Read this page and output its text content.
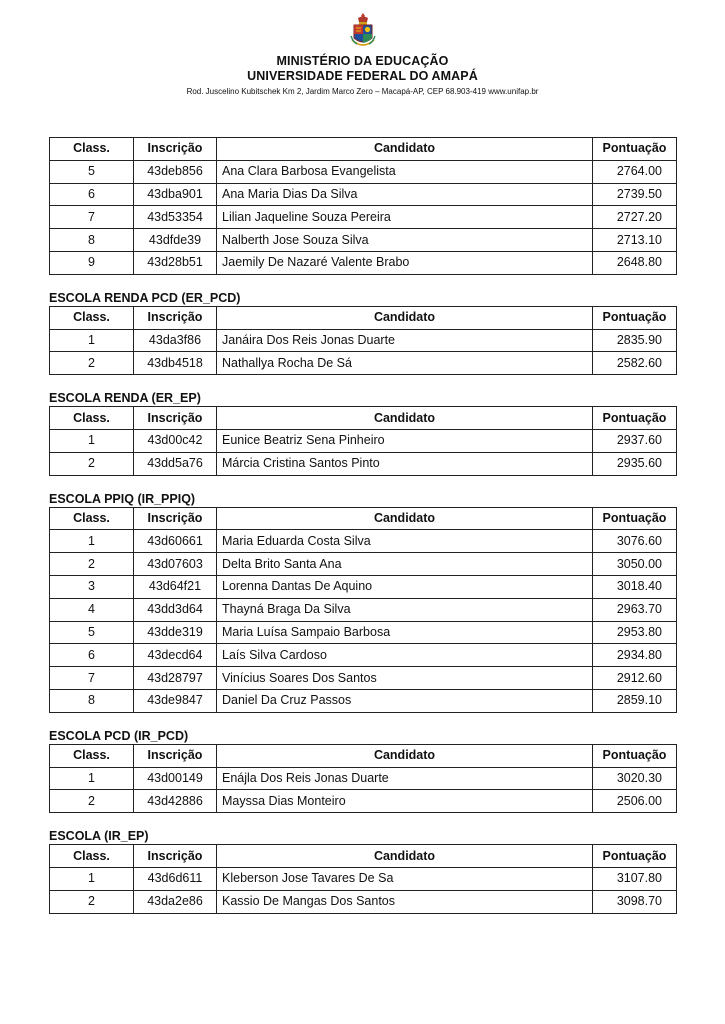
MINISTÉRIO DA EDUCAÇÃO
UNIVERSIDADE FEDERAL DO AMAPÁ
Rod. Juscelino Kubitschek Km 2, Jardim Marco Zero – Macapá-AP, CEP 68.903-419 www.unifap.br
Class.	Inscrição	Candidato	Pontuação
5	43deb856	Ana Clara Barbosa Evangelista	2764.00
6	43dba901	Ana Maria Dias Da Silva	2739.50
7	43d53354	Lilian Jaqueline Souza Pereira	2727.20
8	43dfde39	Nalberth Jose Souza Silva	2713.10
9	43d28b51	Jaemily De Nazaré Valente Brabo	2648.80
ESCOLA RENDA PCD (ER_PCD)
Class.	Inscrição	Candidato	Pontuação
1	43da3f86	Janáira Dos Reis Jonas Duarte	2835.90
2	43db4518	Nathallya Rocha De Sá	2582.60
ESCOLA RENDA (ER_EP)
Class.	Inscrição	Candidato	Pontuação
1	43d00c42	Eunice Beatriz Sena Pinheiro	2937.60
2	43dd5a76	Márcia Cristina Santos Pinto	2935.60
ESCOLA PPIQ (IR_PPIQ)
Class.	Inscrição	Candidato	Pontuação
1	43d60661	Maria Eduarda Costa Silva	3076.60
2	43d07603	Delta Brito Santa Ana	3050.00
3	43d64f21	Lorenna Dantas De Aquino	3018.40
4	43dd3d64	Thayná Braga Da Silva	2963.70
5	43dde319	Maria Luísa Sampaio Barbosa	2953.80
6	43decd64	Laís Silva Cardoso	2934.80
7	43d28797	Vinícius Soares Dos Santos	2912.60
8	43de9847	Daniel Da Cruz Passos	2859.10
ESCOLA PCD (IR_PCD)
Class.	Inscrição	Candidato	Pontuação
1	43d00149	Enájla Dos Reis Jonas Duarte	3020.30
2	43d42886	Mayssa Dias Monteiro	2506.00
ESCOLA (IR_EP)
Class.	Inscrição	Candidato	Pontuação
1	43d6d611	Kleberson Jose Tavares De Sa	3107.80
2	43da2e86	Kassio De Mangas Dos Santos	3098.70
